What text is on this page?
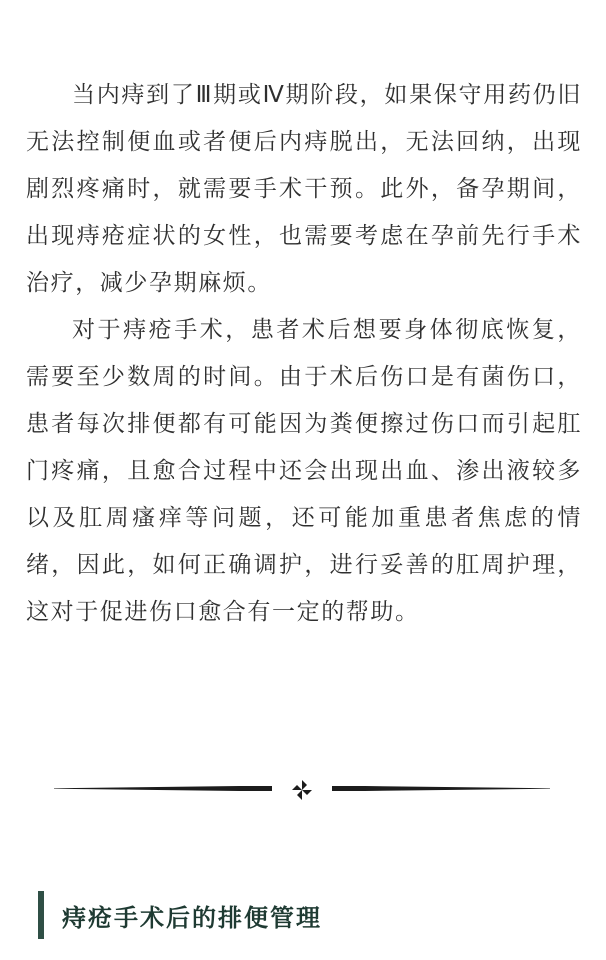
当内痔到了Ⅲ期或Ⅳ期阶段，如果保守用药仍旧无法控制便血或者便后内痔脱出，无法回纳，出现剧烈疼痛时，就需要手术干预。此外，备孕期间，出现痔疮症状的女性，也需要考虑在孕前先行手术治疗，减少孕期麻烦。

对于痔疮手术，患者术后想要身体彻底恢复，需要至少数周的时间。由于术后伤口是有菌伤口，患者每次排便都有可能因为粪便擦过伤口而引起肛门疼痛，且愈合过程中还会出现出血、渗出液较多以及肛周瘙痒等问题，还可能加重患者焦虑的情绪，因此，如何正确调护，进行妥善的肛周护理，这对于促进伤口愈合有一定的帮助。

痔疮手术后的排便管理
